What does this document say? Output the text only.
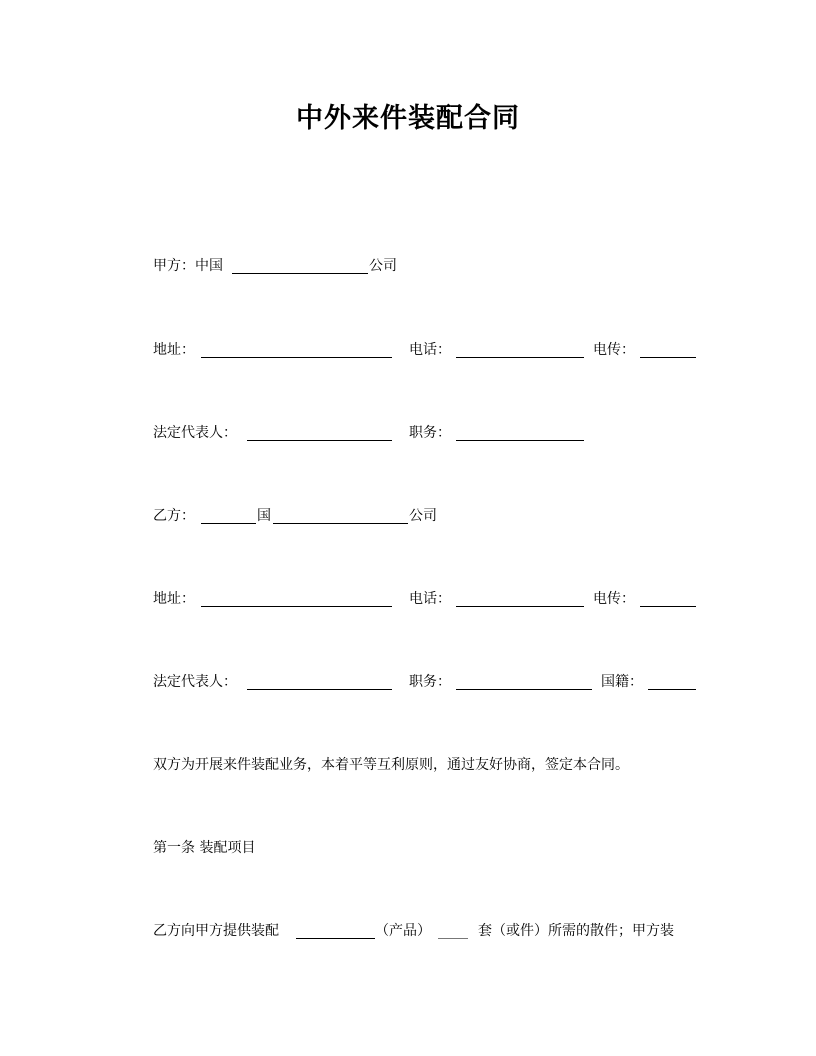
中外来件装配合同
甲方：中国	公司
地址：	电话：	电传：
法定代表人：	职务：
乙方：	国	公司
地址：	电话：	电传：
法定代表人：	职务：	国籍：
双方为开展来件装配业务，本着平等互利原则，通过友好协商，签定本合同。
第一条 装配项目
乙方向甲方提供装配	（产品）	套（或件）所需的散件；甲方装
